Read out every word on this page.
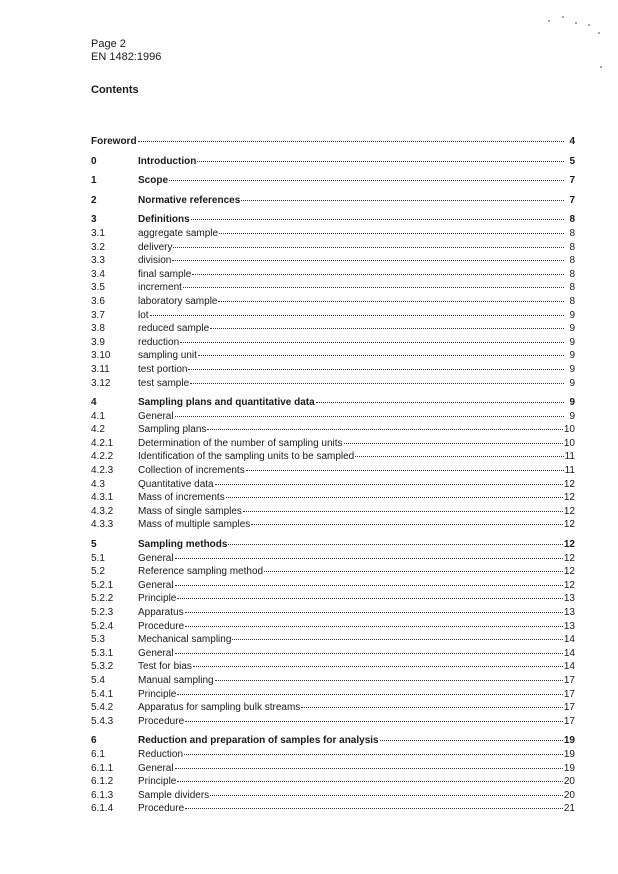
Page 2
EN 1482:1996
Contents
Foreword	4
0	Introduction	5
1	Scope	7
2	Normative references	7
3	Definitions	8
3.1	aggregate sample	8
3.2	delivery	8
3.3	division	8
3.4	final sample	8
3.5	increment	8
3.6	laboratory sample	8
3.7	lot	9
3.8	reduced sample	9
3.9	reduction	9
3.10	sampling unit	9
3.11	test portion	9
3.12	test sample	9
4	Sampling plans and quantitative data	9
4.1	General	9
4.2	Sampling plans	10
4.2.1	Determination of the number of sampling units	10
4.2.2	Identification of the sampling units to be sampled	11
4.2.3	Collection of increments	11
4.3	Quantitative data	12
4.3.1	Mass of increments	12
4.3.2	Mass of single samples	12
4.3.3	Mass of multiple samples	12
5	Sampling methods	12
5.1	General	12
5.2	Reference sampling method	12
5.2.1	General	12
5.2.2	Principle	13
5.2.3	Apparatus	13
5.2.4	Procedure	13
5.3	Mechanical sampling	14
5.3.1	General	14
5.3.2	Test for bias	14
5.4	Manual sampling	17
5.4.1	Principle	17
5.4.2	Apparatus for sampling bulk streams	17
5.4.3	Procedure	17
6	Reduction and preparation of samples for analysis	19
6.1	Reduction	19
6.1.1	General	19
6.1.2	Principle	20
6.1.3	Sample dividers	20
6.1.4	Procedure	21
